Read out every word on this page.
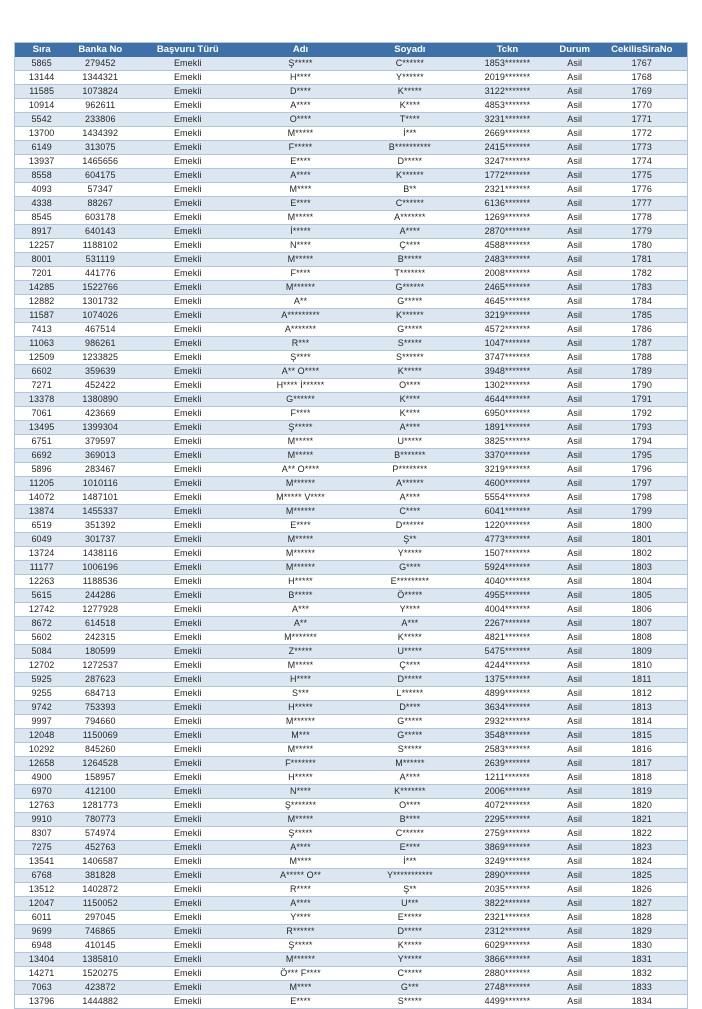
Sıra	Banka No	Başvuru Türü	Adı	Soyadı	Tckn	Durum	CekilisSiraNo
5865	279452	Emekli	Ş*****	C******	1853*******	Asil	1767
13144	1344321	Emekli	H****	Y******	2019*******	Asil	1768
11585	1073824	Emekli	D****	K*****	3122*******	Asil	1769
10914	962611	Emekli	A****	K****	4853*******	Asil	1770
5542	233806	Emekli	O****	T****	3231*******	Asil	1771
13700	1434392	Emekli	M*****	İ***	2669*******	Asil	1772
6149	313075	Emekli	F*****	B**********	2415*******	Asil	1773
13937	1465656	Emekli	E****	D*****	3247*******	Asil	1774
8558	604175	Emekli	A****	K******	1772*******	Asil	1775
4093	57347	Emekli	M****	B**	2321*******	Asil	1776
4338	88267	Emekli	E****	C******	6136*******	Asil	1777
8545	603178	Emekli	M*****	A*******	1269*******	Asil	1778
8917	640143	Emekli	İ*****	A****	2870*******	Asil	1779
12257	1188102	Emekli	N****	Ç****	4588*******	Asil	1780
8001	531119	Emekli	M*****	B*****	2483*******	Asil	1781
7201	441776	Emekli	F****	T*******	2008*******	Asil	1782
14285	1522766	Emekli	M******	G******	2465*******	Asil	1783
12882	1301732	Emekli	A**	G*****	4645*******	Asil	1784
11587	1074026	Emekli	A*********	K******	3219*******	Asil	1785
7413	467514	Emekli	A*******	G*****	4572*******	Asil	1786
11063	986261	Emekli	R***	S*****	1047*******	Asil	1787
12509	1233825	Emekli	Ş****	S******	3747*******	Asil	1788
6602	359639	Emekli	A** O****	K*****	3948*******	Asil	1789
7271	452422	Emekli	H**** İ******	O****	1302*******	Asil	1790
13378	1380890	Emekli	G******	K****	4644*******	Asil	1791
7061	423669	Emekli	F****	K****	6950*******	Asil	1792
13495	1399304	Emekli	Ş*****	A****	1891*******	Asil	1793
6751	379597	Emekli	M*****	U*****	3825*******	Asil	1794
6692	369013	Emekli	M*****	B*******	3370*******	Asil	1795
5896	283467	Emekli	A** O****	P********	3219*******	Asil	1796
11205	1010116	Emekli	M******	A******	4600*******	Asil	1797
14072	1487101	Emekli	M***** V****	A****	5554*******	Asil	1798
13874	1455337	Emekli	M******	C****	6041*******	Asil	1799
6519	351392	Emekli	E****	D******	1220*******	Asil	1800
6049	301737	Emekli	M*****	Ş**	4773*******	Asil	1801
13724	1438116	Emekli	M******	Y*****	1507*******	Asil	1802
11177	1006196	Emekli	M******	G****	5924*******	Asil	1803
12263	1188536	Emekli	H*****	E*********	4040*******	Asil	1804
5615	244286	Emekli	B*****	Ö*****	4955*******	Asil	1805
12742	1277928	Emekli	A***	Y****	4004*******	Asil	1806
8672	614518	Emekli	A**	A***	2267*******	Asil	1807
5602	242315	Emekli	M*******	K*****	4821*******	Asil	1808
5084	180599	Emekli	Z*****	U*****	5475*******	Asil	1809
12702	1272537	Emekli	M*****	Ç****	4244*******	Asil	1810
5925	287623	Emekli	H****	D*****	1375*******	Asil	1811
9255	684713	Emekli	S***	L******	4899*******	Asil	1812
9742	753393	Emekli	H*****	D****	3634*******	Asil	1813
9997	794660	Emekli	M******	G*****	2932*******	Asil	1814
12048	1150069	Emekli	M***	G*****	3548*******	Asil	1815
10292	845260	Emekli	M*****	S*****	2583*******	Asil	1816
12658	1264528	Emekli	F*******	M******	2639*******	Asil	1817
4900	158957	Emekli	H*****	A****	1211*******	Asil	1818
6970	412100	Emekli	N****	K*******	2006*******	Asil	1819
12763	1281773	Emekli	Ş*******	O****	4072*******	Asil	1820
9910	780773	Emekli	M*****	B****	2295*******	Asil	1821
8307	574974	Emekli	Ş*****	C******	2759*******	Asil	1822
7275	452763	Emekli	A****	E****	3869*******	Asil	1823
13541	1406587	Emekli	M****	İ***	3249*******	Asil	1824
6768	381828	Emekli	A***** O**	Y***********	2890*******	Asil	1825
13512	1402872	Emekli	R****	Ş**	2035*******	Asil	1826
12047	1150052	Emekli	A****	U***	3822*******	Asil	1827
6011	297045	Emekli	Y****	E*****	2321*******	Asil	1828
9699	746865	Emekli	R******	D*****	2312*******	Asil	1829
6948	410145	Emekli	Ş*****	K*****	6029*******	Asil	1830
13404	1385810	Emekli	M******	Y*****	3866*******	Asil	1831
14271	1520275	Emekli	Ö*** F****	C*****	2880*******	Asil	1832
7063	423872	Emekli	M****	G***	2748*******	Asil	1833
13796	1444882	Emekli	E****	S*****	4499*******	Asil	1834
